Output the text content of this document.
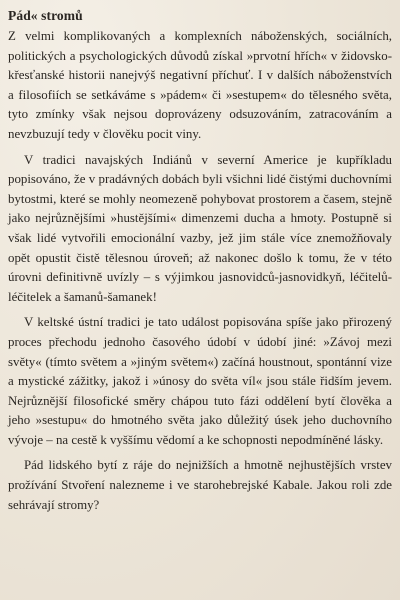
Pád« stromů

Z velmi komplikovaných a komplexních náboženských, sociálních, politických a psychologických důvodů získal »prvotní hřích« v židovskokřesťanské historii nanejvýš negativní příchuť. I v dalších náboženstvích a filosofiích se setkáváme s »pádem« či »sestupem« do tělesného světa, tyto zmínky však nejsou doprovázeny odsuzováním, zatracováním a nevzbuzují tedy v člověku pocit viny.

V tradici navajských Indiánů v severní Americe je kupříkladu popisováno, že v pradávných dobách byli všichni lidé čistými duchovními bytostmi, které se mohly neomezeně pohybovat prostorem a časem, stejně jako nejrůznějšími »hustějšími« dimenzemi ducha a hmoty. Postupně si však lidé vytvořili emocionální vazby, jež jim stále více znemožňovaly opět opustit čistě tělesnou úroveň; až nakonec došlo k tomu, že v této úrovni definitivně uvízly – s výjimkou jasnovidců-jasnovidkyň, léčitelů-léčitelek a šamanů-šamanek!

V keltské ústní tradici je tato událost popisována spíše jako přirozený proces přechodu jednoho časového údobí v údobí jiné: »Závoj mezi světy« (tímto světem a »jiným světem«) začíná houstnout, spontánní vize a mystické zážitky, jakož i »únosy do světa víl« jsou stále řidším jevem. Nejrůznější filosofické směry chápou tuto fázi oddělení bytí člověka a jeho »sestupu« do hmotného světa jako důležitý úsek jeho duchovního vývoje – na cestě k vyššímu vědomí a ke schopnosti nepodmíněné lásky.

Pád lidského bytí z ráje do nejnižších a hmotně nejhustějších vrstev prožívání Stvoření nalezneme i ve starohebrejské Kabale. Jakou roli zde sehrávají stromy?
